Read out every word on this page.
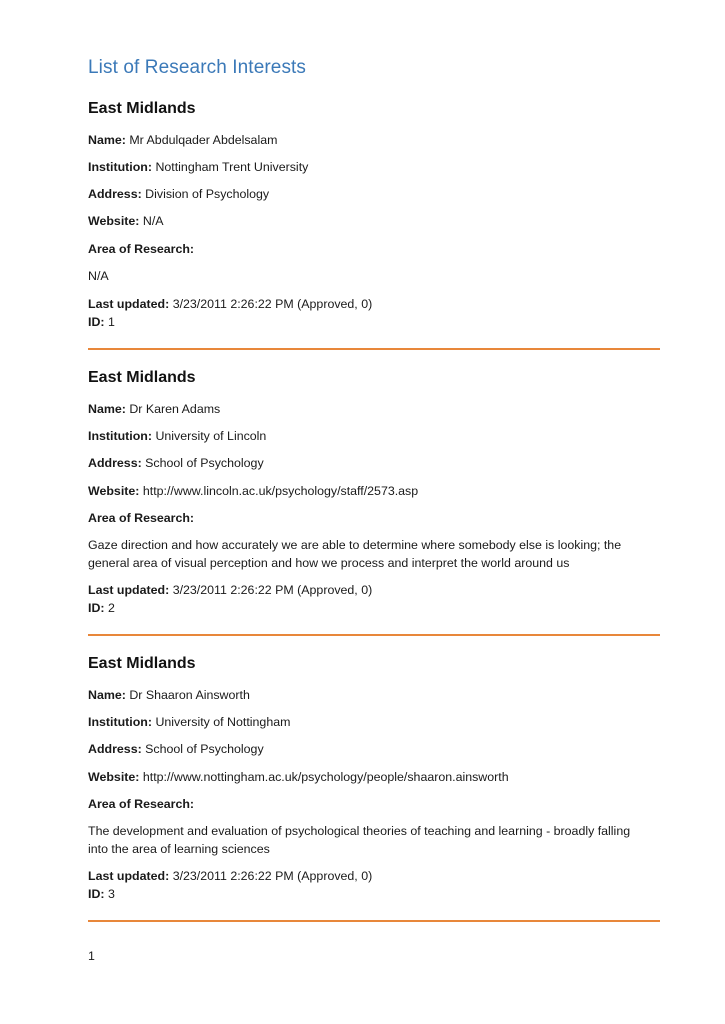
List of Research Interests
East Midlands
Name: Mr Abdulqader Abdelsalam
Institution: Nottingham Trent University
Address: Division of Psychology
Website: N/A
Area of Research:
N/A
Last updated: 3/23/2011 2:26:22 PM (Approved, 0)
ID: 1
East Midlands
Name: Dr Karen Adams
Institution: University of Lincoln
Address: School of Psychology
Website: http://www.lincoln.ac.uk/psychology/staff/2573.asp
Area of Research:
Gaze direction and how accurately we are able to determine where somebody else is looking; the general area of visual perception and how we process and interpret the world around us
Last updated: 3/23/2011 2:26:22 PM (Approved, 0)
ID: 2
East Midlands
Name: Dr Shaaron Ainsworth
Institution: University of Nottingham
Address: School of Psychology
Website: http://www.nottingham.ac.uk/psychology/people/shaaron.ainsworth
Area of Research:
The development and evaluation of psychological theories of teaching and learning - broadly falling into the area of learning sciences
Last updated: 3/23/2011 2:26:22 PM (Approved, 0)
ID: 3
1
